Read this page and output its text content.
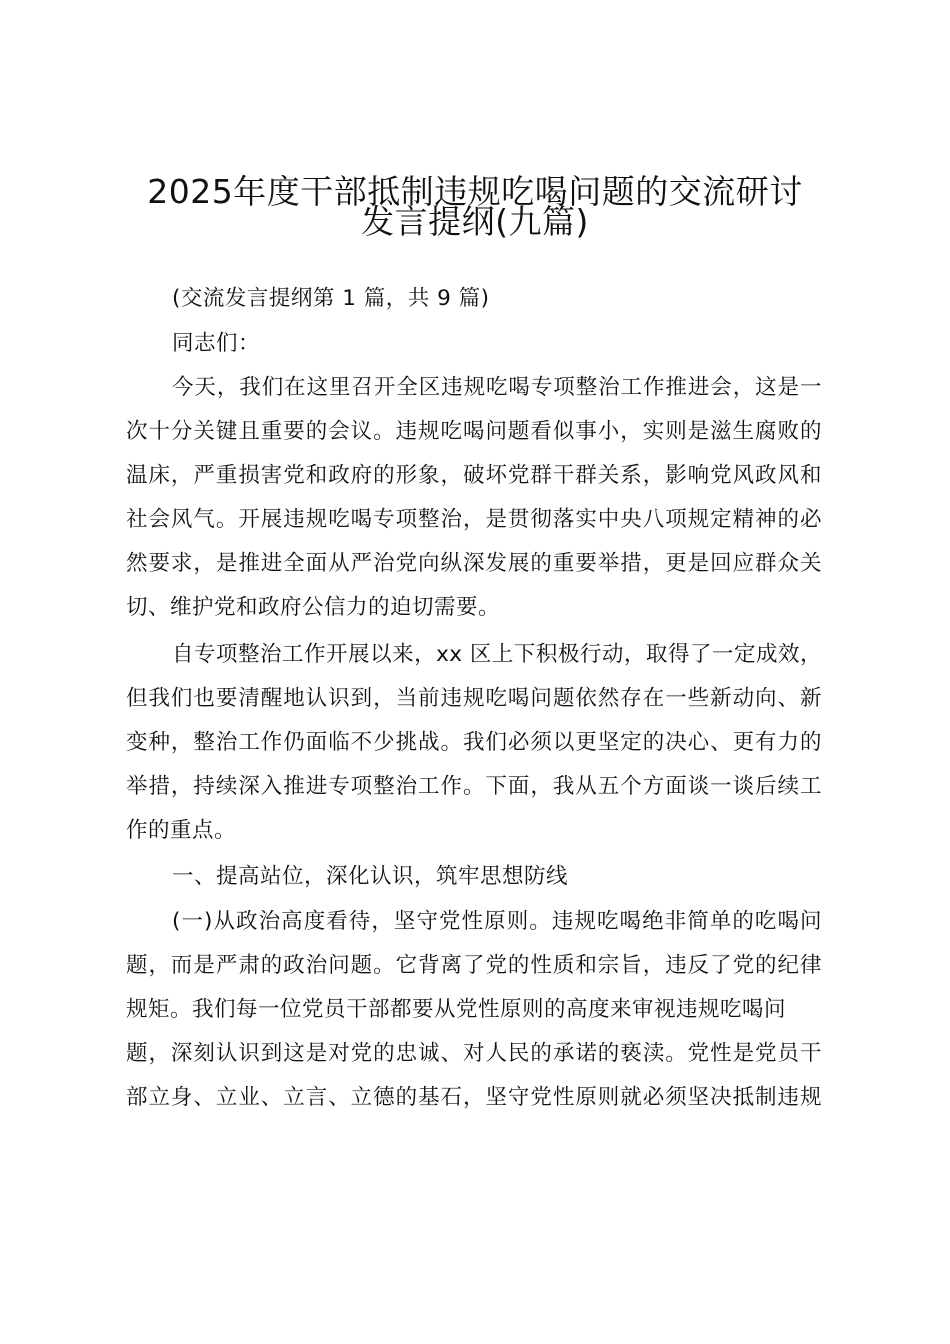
2025年度干部抵制违规吃喝问题的交流研讨
发言提纲(九篇)
(交流发言提纲第 1 篇，共 9 篇)
同志们：
今天，我们在这里召开全区违规吃喝专项整治工作推进会，这是一
次十分关键且重要的会议。违规吃喝问题看似事小，实则是滋生腐败的
温床，严重损害党和政府的形象，破坏党群干群关系，影响党风政风和
社会风气。开展违规吃喝专项整治，是贯彻落实中央八项规定精神的必
然要求，是推进全面从严治党向纵深发展的重要举措，更是回应群众关
切、维护党和政府公信力的迫切需要。
自专项整治工作开展以来，xx 区上下积极行动，取得了一定成效，
但我们也要清醒地认识到，当前违规吃喝问题依然存在一些新动向、新
变种，整治工作仍面临不少挑战。我们必须以更坚定的决心、更有力的
举措，持续深入推进专项整治工作。下面，我从五个方面谈一谈后续工
作的重点。
一、提高站位，深化认识，筑牢思想防线
(一)从政治高度看待，坚守党性原则。违规吃喝绝非简单的吃喝问
题，而是严肃的政治问题。它背离了党的性质和宗旨，违反了党的纪律
规矩。我们每一位党员干部都要从党性原则的高度来审视违规吃喝问
题，深刻认识到这是对党的忠诚、对人民的承诺的亵渎。党性是党员干
部立身、立业、立言、立德的基石，坚守党性原则就必须坚决抵制违规
